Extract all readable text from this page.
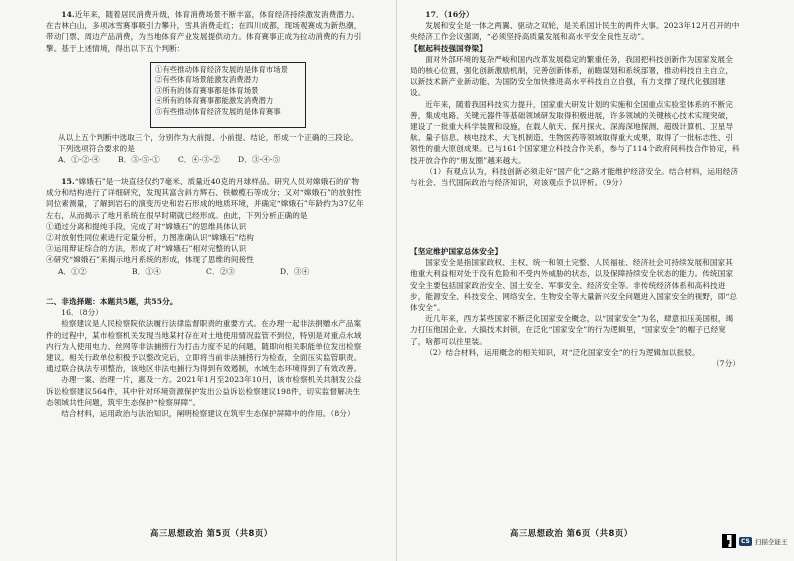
14.近年来，随着居民消费升级，体育消费场景不断丰富，体育经济持续激发消费潜力。在吉林白山，多项冰雪赛事吸引力攀升，雪具消费走红；在四川成都，现场观赛成为新热潮，带动门票、周边产品消费，为当地体育产业发展提供动力。体育赛事正成为拉动消费的有力引擎。基于上述情境，得出以下五个判断：

①有些推动体育经济发展的是体育市场景
②有些体育场景能激发消费潜力
③所有的体育赛事都是体育场景
④所有的体育赛事都能激发消费潜力
⑤有些推动体育经济发展的是体育赛事

从以上五个判断中选取三个，分别作为大前提、小前提、结论，形成一个正确的三段论。下列选项符合要求的是

A．①-②-④	B．③-⑤-①	C．④-③-②	D．③-④-⑤

15.“嫦娥石”是一块直径仅约7毫米、质量近40克的月球样品。研究人员对嫦娥石的矿物成分和结构进行了详细研究，发现其富含斜方辉石、铁橄榄石等成分；又对“嫦娥石”的放射性同位素测量，了解到岩石的演变历史和岩石形成的地质环境，并确定“嫦娥石”年龄约为37亿年左右，从而揭示了地月系统在很早时期就已经形成。由此，下列分析正确的是

①通过分离和提纯手段，完成了对“嫦娥石”的思维具体认识

②对放射性同位素进行定量分析，力图准确认识“嫦娥石”结构

③运用辩证综合的方法，形成了对“嫦娥石”相对完整的认识

④研究“嫦娥石”来揭示地月系统的形成，体现了思维的间接性

A．①②	B．①④	C．②③	D．③④

二、非选择题：本题共5题，共55分。

16．（8分）

检察建议是人民检察院依法履行法律监督职责的重要方式。在办理一起非法捐赠水产品案件的过程中，某市检察机关发现当地某村存在对土地使用情况监管不到位，特别是对重点水域内行为人使用电力、丝网等非法捕捞行为打击力度不足的问题，随即向相关职能单位发出检察建议。相关行政单位积极予以整改完后，立即将当前非法捕捞行为检查，全面压实监管职责。通过联合执法专项整治，该地区非法电捕行为得到有效遏制，水域生态环境得到了有效改善。

办理一案、治理一片，惠及一方。2021年1月至2023年10月，该市检察机关共制发公益诉讼检察建议564件，其中针对环境资源保护发出公益诉讼检察建议198件，切实监督解决生态领域共性问题，筑牢生态保护“检察屏障”。

结合材料，运用政治与法治知识，阐明检察建议在筑牢生态保护屏障中的作用。（8分）

高三思想政治 第5页（共8页）

17．（16分）

发展和安全是一体之两翼、驱动之双轮，是关系国计民生的两件大事。2023年12月召开的中央经济工作会议强调，“必须坚持高质量发展和高水平安全良性互动”。

【框起科技强国脊梁】

面对外部环境的复杂严峻和国内改革发展稳定的繁重任务，我国把科技创新作为国家发展全局的核心位置，强化创新激励机制，完善创新体系，前瞻谋划和系统部署，推动科技自主自立，以新技术新产业新动能、为国防安全加快推进高水平科技自立自强，有力支撑了现代化强国建设。

近年来，随着我国科技实力提升，国家重大研发计划的实施和全国重点实验室体系的不断完善，集成电路、关键元器件等基础领域研发取得积极进展，许多领域的关键核心技术实现突破，建设了一批重大科学装置和设施，在载人航天、探月探火、深海深地探测、超级计算机、卫星导航、量子信息、核电技术、大飞机制造、生物医药等领域取得重大成果，取得了一批标志性、引领性的重大原创成果。已与161个国家建立科技合作关系，参与了114个政府间科技合作协定，科技开放合作的“朋友圈”越来越大。

（1）有观点认为，科技创新必须走好“国产化”之路才能维护经济安全。结合材料，运用经济与社会、当代国际政治与经济知识，对该观点予以评析。（9分）

【坚定维护国家总体安全】

国家安全是指国家政权、主权、统一和领土完整、人民福祉、经济社会可持续发展和国家其他重大利益相对处于没有危险和不受内外威胁的状态，以及保障持续安全状态的能力。传统国家安全主要包括国家政治安全、国土安全、军事安全、经济安全等。非传统经济体系和高科技进步，能源安全、科技安全、网络安全、生物安全等大量新兴安全问题进入国家安全的视野，即“总体安全”。

近几年来，西方某些国家不断泛化国家安全概念，以“国家安全”为名，肆意扣压美国根，竭力打压他国企业、大搞技术封锁，在泛化“国家安全”的行为逻辑里，“国家安全”的帽子已经宽了，啥都可以往里装。

（2）结合材料，运用概念的相关知识，对“泛化国家安全”的行为逻辑加以批驳。

（7分）

高三思想政治 第6页（共8页）
CS 扫描全能王
